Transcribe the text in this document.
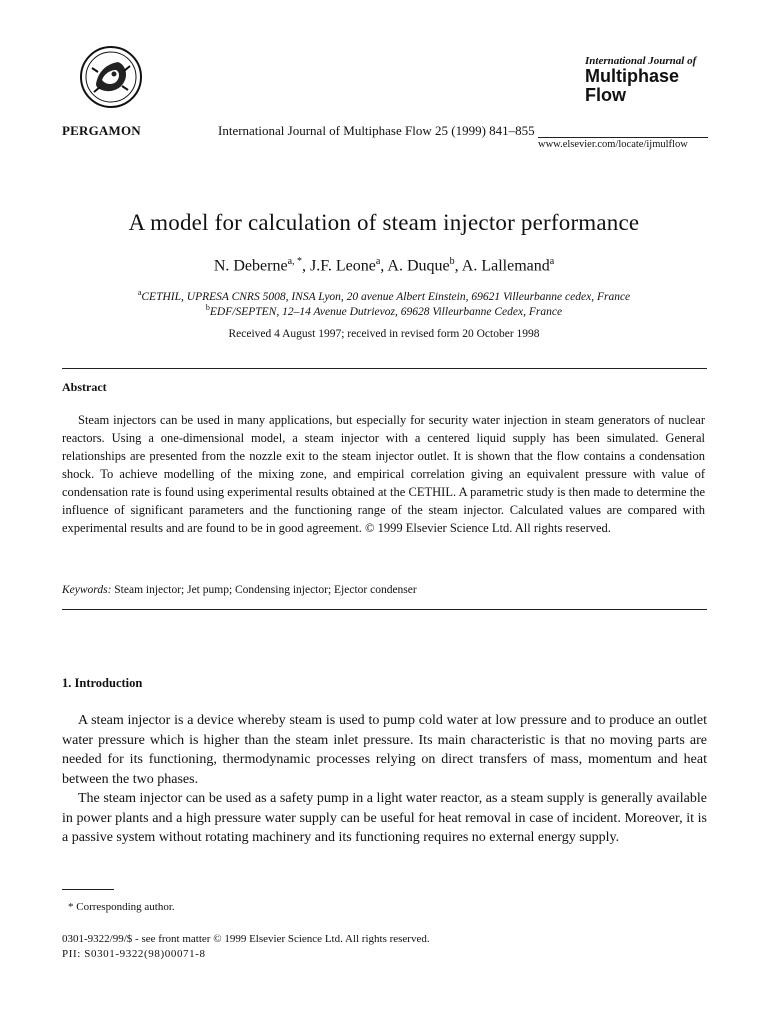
PERGAMON	International Journal of Multiphase Flow 25 (1999) 841–855
International Journal of
Multiphase
Flow
www.elsevier.com/locate/ijmulflow
A model for calculation of steam injector performance
N. Deberne$^{a, *}$, J.F. Leone$^a$, A. Duque$^b$, A. Lallemand$^a$
$^a$CETHIL, UPRESA CNRS 5008, INSA Lyon, 20 avenue Albert Einstein, 69621 Villeurbanne cedex, France
$^b$EDF/SEPTEN, 12–14 Avenue Dutrievoz, 69628 Villeurbanne Cedex, France
Received 4 August 1997; received in revised form 20 October 1998
Abstract
Steam injectors can be used in many applications, but especially for security water injection in steam generators of nuclear reactors. Using a one-dimensional model, a steam injector with a centered liquid supply has been simulated. General relationships are presented from the nozzle exit to the steam injector outlet. It is shown that the flow contains a condensation shock. To achieve modelling of the mixing zone, and empirical correlation giving an equivalent pressure with value of condensation rate is found using experimental results obtained at the CETHIL. A parametric study is then made to determine the influence of significant parameters and the functioning range of the steam injector. Calculated values are compared with experimental results and are found to be in good agreement. © 1999 Elsevier Science Ltd. All rights reserved.
Keywords: Steam injector; Jet pump; Condensing injector; Ejector condenser
1. Introduction
A steam injector is a device whereby steam is used to pump cold water at low pressure and to produce an outlet water pressure which is higher than the steam inlet pressure. Its main characteristic is that no moving parts are needed for its functioning, thermodynamic processes relying on direct transfers of mass, momentum and heat between the two phases.
The steam injector can be used as a safety pump in a light water reactor, as a steam supply is generally available in power plants and a high pressure water supply can be useful for heat removal in case of incident. Moreover, it is a passive system without rotating machinery and its functioning requires no external energy supply.
* Corresponding author.
0301-9322/99/$ - see front matter © 1999 Elsevier Science Ltd. All rights reserved.
PII: S0301-9322(98)00071-8
